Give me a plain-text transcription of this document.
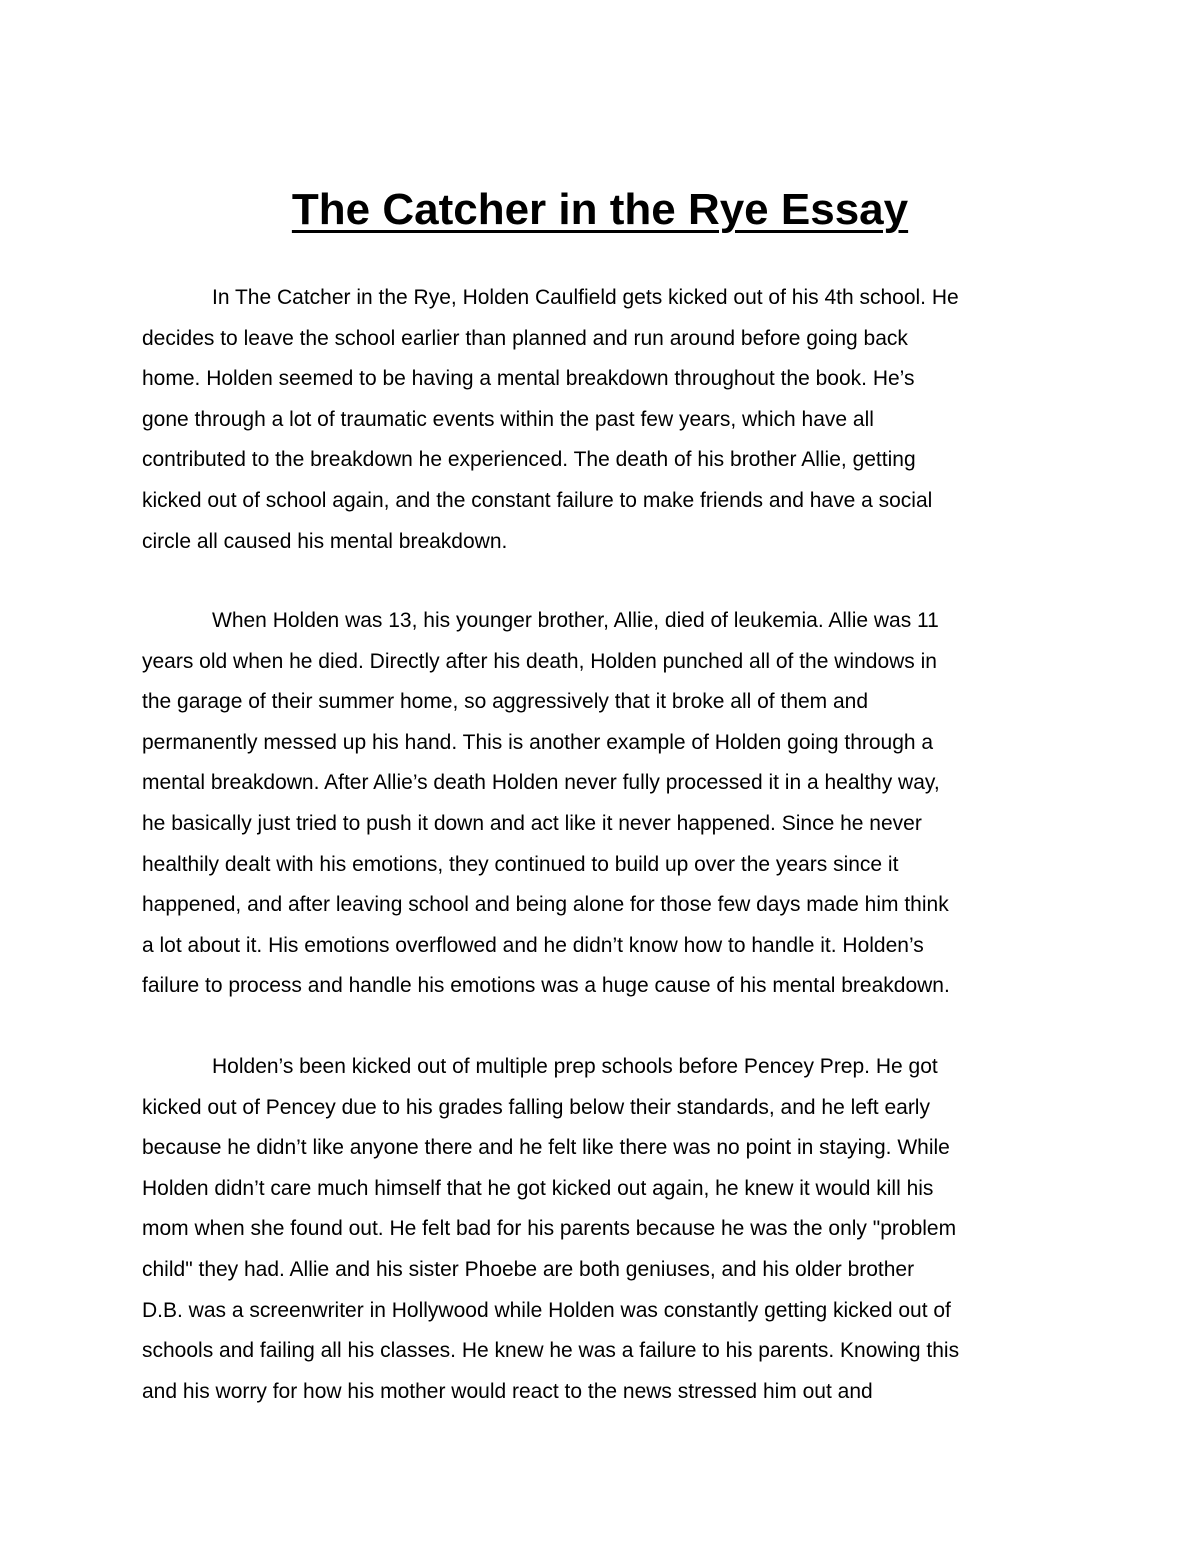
The Catcher in the Rye Essay

In The Catcher in the Rye, Holden Caulfield gets kicked out of his 4th school. He
decides to leave the school earlier than planned and run around before going back
home. Holden seemed to be having a mental breakdown throughout the book. He’s
gone through a lot of traumatic events within the past few years, which have all
contributed to the breakdown he experienced. The death of his brother Allie, getting
kicked out of school again, and the constant failure to make friends and have a social
circle all caused his mental breakdown.

When Holden was 13, his younger brother, Allie, died of leukemia. Allie was 11
years old when he died. Directly after his death, Holden punched all of the windows in
the garage of their summer home, so aggressively that it broke all of them and
permanently messed up his hand. This is another example of Holden going through a
mental breakdown. After Allie’s death Holden never fully processed it in a healthy way,
he basically just tried to push it down and act like it never happened. Since he never
healthily dealt with his emotions, they continued to build up over the years since it
happened, and after leaving school and being alone for those few days made him think
a lot about it. His emotions overflowed and he didn’t know how to handle it. Holden’s
failure to process and handle his emotions was a huge cause of his mental breakdown.

Holden’s been kicked out of multiple prep schools before Pencey Prep. He got
kicked out of Pencey due to his grades falling below their standards, and he left early
because he didn’t like anyone there and he felt like there was no point in staying. While
Holden didn’t care much himself that he got kicked out again, he knew it would kill his
mom when she found out. He felt bad for his parents because he was the only "problem
child" they had. Allie and his sister Phoebe are both geniuses, and his older brother
D.B. was a screenwriter in Hollywood while Holden was constantly getting kicked out of
schools and failing all his classes. He knew he was a failure to his parents. Knowing this
and his worry for how his mother would react to the news stressed him out and
